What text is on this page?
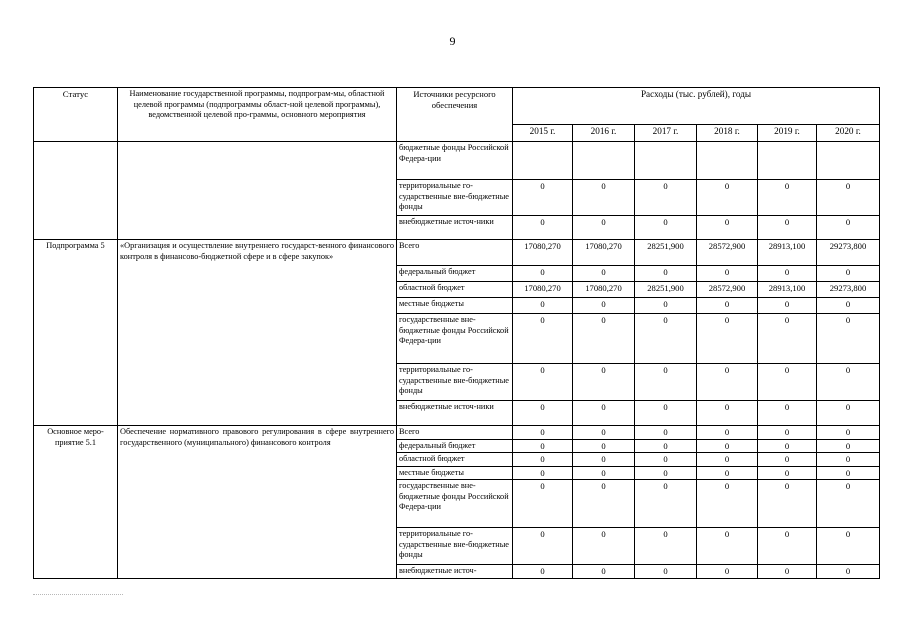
9
Статус	Наименование государственной программы, подпрограм-мы, областной целевой программы (подпрограммы област-ной целевой программы), ведомственной целевой про-граммы, основного мероприятия	Источники ресурсного обеспечения	Расходы (тыс. рублей), годы					
			2015 г.	2016 г.	2017 г.	2018 г.	2019 г.	2020 г.
		бюджетные фонды Российской Федера-ции						
		территориальные го-сударственные вне-бюджетные фонды	0	0	0	0	0	0
		внебюджетные источ-ники	0	0	0	0	0	0
Подпрограмма 5	«Организация и осуществление внутреннего государст-венного финансового контроля в финансово-бюджетной сфере и в сфере закупок»	Всего	17080,270	17080,270	28251,900	28572,900	28913,100	29273,800
		федеральный бюджет	0	0	0	0	0	0
		областной бюджет	17080,270	17080,270	28251,900	28572,900	28913,100	29273,800
		местные бюджеты	0	0	0	0	0	0
		государственные вне-бюджетные фонды Российской Федера-ции	0	0	0	0	0	0
		территориальные го-сударственные вне-бюджетные фонды	0	0	0	0	0	0
		внебюджетные источ-ники	0	0	0	0	0	0
Основное меро-приятие 5.1	Обеспечение нормативного правового регулирования в сфере внутреннего государственного (муниципального) финансового контроля	Всего	0	0	0	0	0	0
		федеральный бюджет	0	0	0	0	0	0
		областной бюджет	0	0	0	0	0	0
		местные бюджеты	0	0	0	0	0	0
		государственные вне-бюджетные фонды Российской Федера-ции	0	0	0	0	0	0
		территориальные го-сударственные вне-бюджетные фонды	0	0	0	0	0	0
		внебюджетные источ-	0	0	0	0	0	0
